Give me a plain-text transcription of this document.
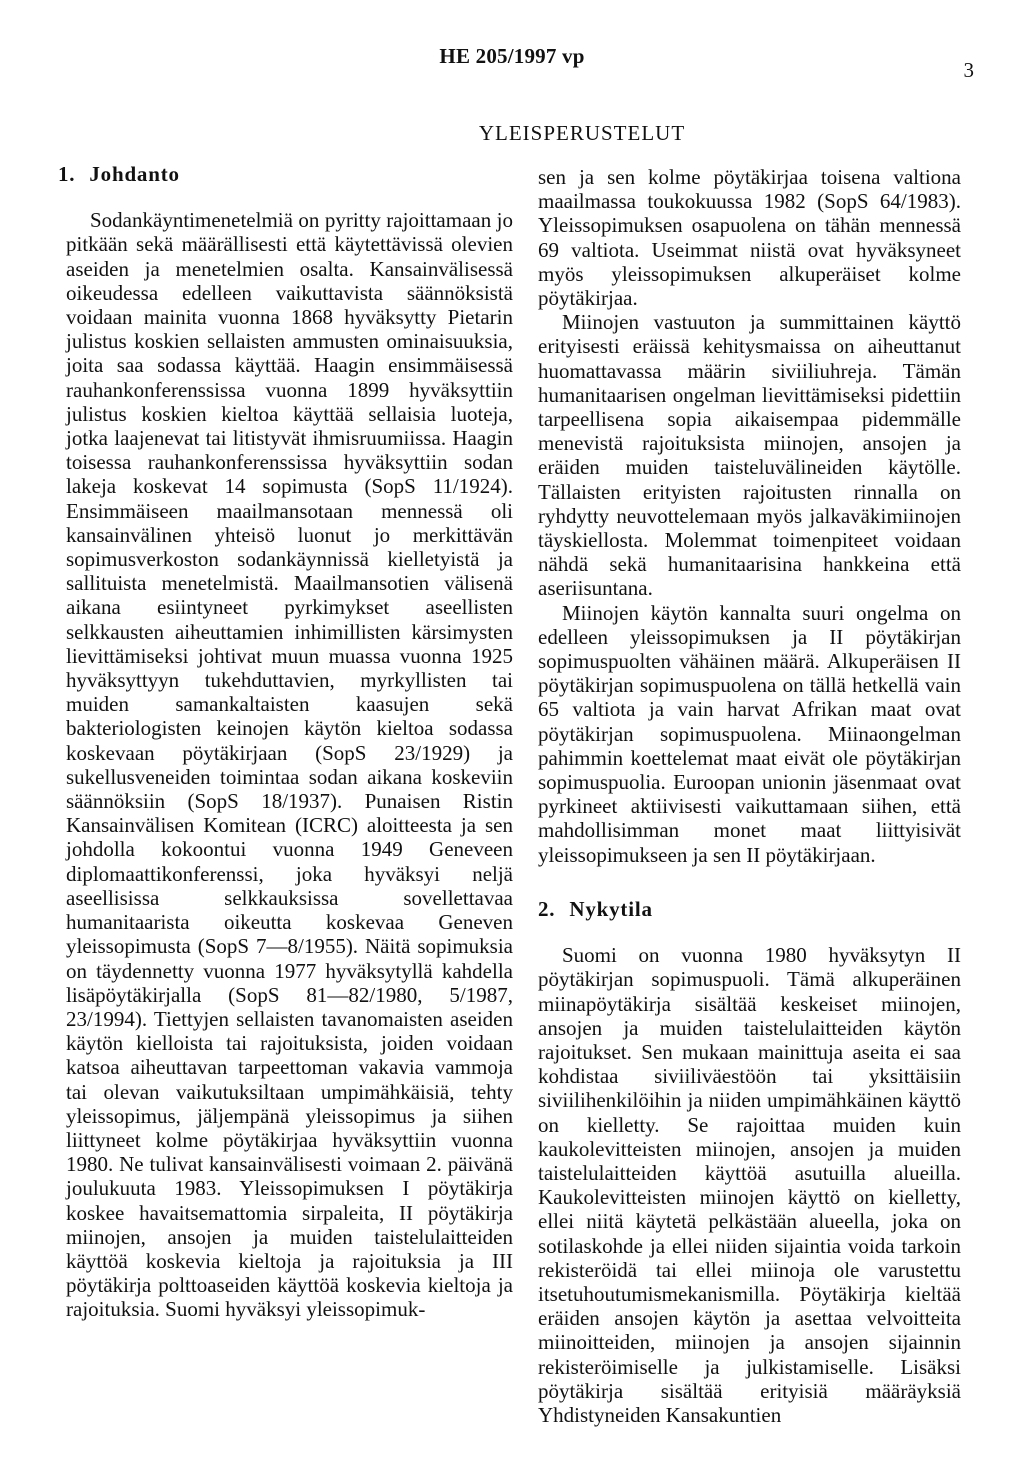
HE 205/1997 vp
3
YLEISPERUSTELUT
1. Johdanto

Sodankäyntimenetelmiä on pyritty rajoittamaan jo pitkään sekä määrällisesti että käytettävissä olevien aseiden ja menetelmien osalta. Kansainvälisessä oikeudessa edelleen vaikuttavista säännöksistä voidaan mainita vuonna 1868 hyväksytty Pietarin julistus koskien sellaisten ammusten ominaisuuksia, joita saa sodassa käyttää. Haagin ensimmäisessä rauhankonferenssissa vuonna 1899 hyväksyttiin julistus koskien kieltoa käyttää sellaisia luoteja, jotka laajenevat tai litistyvät ihmisruumiissa. Haagin toisessa rauhankonferenssissa hyväksyttiin sodan lakeja koskevat 14 sopimusta (SopS 11/1924). Ensimmäiseen maailmansotaan mennessä oli kansainvälinen yhteisö luonut jo merkittävän sopimusverkoston sodankäynnissä kielletyistä ja sallituista menetelmistä. Maailmansotien välisenä aikana esiintyneet pyrkimykset aseellisten selkkausten aiheuttamien inhimillisten kärsimysten lievittämiseksi johtivat muun muassa vuonna 1925 hyväksyttyyn tukehduttavien, myrkyllisten tai muiden samankaltaisten kaasujen sekä bakteriologisten keinojen käytön kieltoa sodassa koskevaan pöytäkirjaan (SopS 23/1929) ja sukellusveneiden toimintaa sodan aikana koskeviin säännöksiin (SopS 18/1937). Punaisen Ristin Kansainvälisen Komitean (ICRC) aloitteesta ja sen johdolla kokoontui vuonna 1949 Geneveen diplomaattikonferenssi, joka hyväksyi neljä aseellisissa selkkauksissa sovellettavaa humanitaarista oikeutta koskevaa Geneven yleissopimusta (SopS 7—8/1955). Näitä sopimuksia on täydennetty vuonna 1977 hyväksytyllä kahdella lisäpöytäkirjalla (SopS 81—82/1980, 5/1987, 23/1994). Tiettyjen sellaisten tavanomaisten aseiden käytön kielloista tai rajoituksista, joiden voidaan katsoa aiheuttavan tarpeettoman vakavia vammoja tai olevan vaikutuksiltaan umpimähkäisiä, tehty yleissopimus, jäljempänä yleissopimus ja siihen liittyneet kolme pöytäkirjaa hyväksyttiin vuonna 1980. Ne tulivat kansainvälisesti voimaan 2. päivänä joulukuuta 1983. Yleissopimuksen I pöytäkirja koskee havaitsemattomia sirpaleita, II pöytäkirja miinojen, ansojen ja muiden taistelulaitteiden käyttöä koskevia kieltoja ja rajoituksia ja III pöytäkirja polttoaseiden käyttöä koskevia kieltoja ja rajoituksia. Suomi hyväksyi yleissopimuk-

sen ja sen kolme pöytäkirjaa toisena valtiona maailmassa toukokuussa 1982 (SopS 64/1983). Yleissopimuksen osapuolena on tähän mennessä 69 valtiota. Useimmat niistä ovat hyväksyneet myös yleissopimuksen alkuperäiset kolme pöytäkirjaa.

Miinojen vastuuton ja summittainen käyttö erityisesti eräissä kehitysmaissa on aiheuttanut huomattavassa määrin siviiliuhreja. Tämän humanitaarisen ongelman lievittämiseksi pidettiin tarpeellisena sopia aikaisempaa pidemmälle menevistä rajoituksista miinojen, ansojen ja eräiden muiden taisteluvälineiden käytölle. Tällaisten erityisten rajoitusten rinnalla on ryhdytty neuvottelemaan myös jalkaväkimiinojen täyskiellosta. Molemmat toimenpiteet voidaan nähdä sekä humanitaarisina hankkeina että aseriisuntana.

Miinojen käytön kannalta suuri ongelma on edelleen yleissopimuksen ja II pöytäkirjan sopimuspuolten vähäinen määrä. Alkuperäisen II pöytäkirjan sopimuspuolena on tällä hetkellä vain 65 valtiota ja vain harvat Afrikan maat ovat pöytäkirjan sopimuspuolena. Miinaongelman pahimmin koettelemat maat eivät ole pöytäkirjan sopimuspuolia. Euroopan unionin jäsenmaat ovat pyrkineet aktiivisesti vaikuttamaan siihen, että mahdollisimman monet maat liittyisivät yleissopimukseen ja sen II pöytäkirjaan.

2. Nykytila

Suomi on vuonna 1980 hyväksytyn II pöytäkirjan sopimuspuoli. Tämä alkuperäinen miinapöytäkirja sisältää keskeiset miinojen, ansojen ja muiden taistelulaitteiden käytön rajoitukset. Sen mukaan mainittuja aseita ei saa kohdistaa siviiliväestöön tai yksittäisiin siviilihenkilöihin ja niiden umpimähkäinen käyttö on kielletty. Se rajoittaa muiden kuin kaukolevitteisten miinojen, ansojen ja muiden taistelulaitteiden käyttöä asutuilla alueilla. Kaukolevitteisten miinojen käyttö on kielletty, ellei niitä käytetä pelkästään alueella, joka on sotilaskohde ja ellei niiden sijaintia voida tarkoin rekisteröidä tai ellei miinoja ole varustettu itsetuhoutumismekanismilla. Pöytäkirja kieltää eräiden ansojen käytön ja asettaa velvoitteita miinoitteiden, miinojen ja ansojen sijainnin rekisteröimiselle ja julkistamiselle. Lisäksi pöytäkirja sisältää erityisiä määräyksiä Yhdistyneiden Kansakuntien
